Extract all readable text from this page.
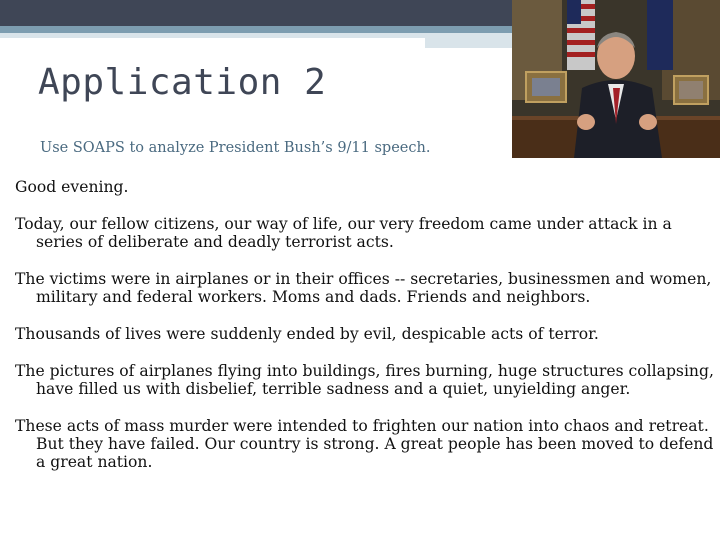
Application 2
Use SOAPS to analyze President Bush’s 9/11 speech.

Good evening.

Today, our fellow citizens, our way of life, our very freedom came under attack in a series of deliberate and deadly terrorist acts.

The victims were in airplanes or in their offices -- secretaries, businessmen and women, military and federal workers. Moms and dads. Friends and neighbors.

Thousands of lives were suddenly ended by evil, despicable acts of terror.

The pictures of airplanes flying into buildings, fires burning, huge structures collapsing, have filled us with disbelief, terrible sadness and a quiet, unyielding anger.

These acts of mass murder were intended to frighten our nation into chaos and retreat. But they have failed. Our country is strong. A great people has been moved to defend a great nation.
